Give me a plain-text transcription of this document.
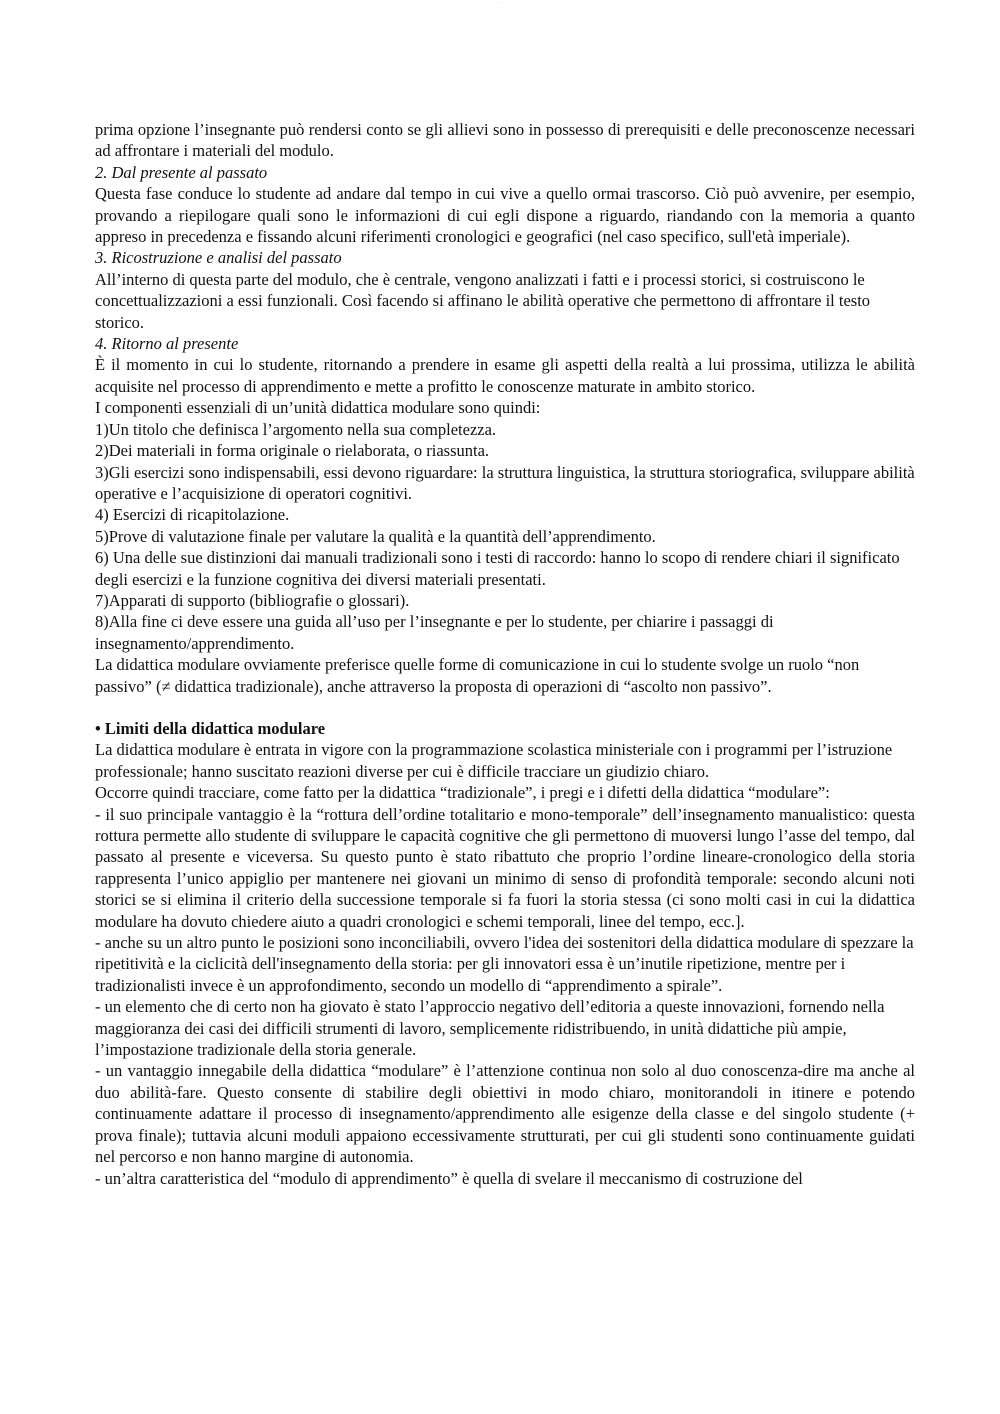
· · · · ·

prima opzione l’insegnante può rendersi conto se gli allievi sono in possesso di prerequisiti e delle preconoscenze necessari ad affrontare i materiali del modulo.

2. Dal presente al passato

Questa fase conduce lo studente ad andare dal tempo in cui vive a quello ormai trascorso. Ciò può avvenire, per esempio, provando a riepilogare quali sono le informazioni di cui egli dispone a riguardo, riandando con la memoria a quanto appreso in precedenza e fissando alcuni riferimenti cronologici e geografici (nel caso specifico, sull'età imperiale).

3. Ricostruzione e analisi del passato

All’interno di questa parte del modulo, che è centrale, vengono analizzati i fatti e i processi storici, si costruiscono le concettualizzazioni a essi funzionali. Così facendo si affinano le abilità operative che permettono di affrontare il testo storico.

4. Ritorno al presente

È il momento in cui lo studente, ritornando a prendere in esame gli aspetti della realtà a lui prossima, utilizza le abilità acquisite nel processo di apprendimento e mette a profitto le conoscenze maturate in ambito storico.

I componenti essenziali di un’unità didattica modulare sono quindi:

1)Un titolo che definisca l’argomento nella sua completezza.

2)Dei materiali in forma originale o rielaborata, o riassunta.

3)Gli esercizi sono indispensabili, essi devono riguardare: la struttura linguistica, la struttura storiografica, sviluppare abilità operative e l’acquisizione di operatori cognitivi.

4) Esercizi di ricapitolazione.

5)Prove di valutazione finale per valutare la qualità e la quantità dell’apprendimento.

6) Una delle sue distinzioni dai manuali tradizionali sono i testi di raccordo: hanno lo scopo di rendere chiari il significato degli esercizi e la funzione cognitiva dei diversi materiali presentati.

7)Apparati di supporto (bibliografie o glossari).

8)Alla fine ci deve essere una guida all’uso per l’insegnante e per lo studente, per chiarire i passaggi di insegnamento/apprendimento.

La didattica modulare ovviamente preferisce quelle forme di comunicazione in cui lo studente svolge un ruolo “non passivo” (≠ didattica tradizionale), anche attraverso la proposta di operazioni di “ascolto non passivo”.

• Limiti della didattica modulare

La didattica modulare è entrata in vigore con la programmazione scolastica ministeriale con i programmi per l’istruzione professionale; hanno suscitato reazioni diverse per cui è difficile tracciare un giudizio chiaro.

Occorre quindi tracciare, come fatto per la didattica “tradizionale”, i pregi e i difetti della didattica “modulare”:

- il suo principale vantaggio è la “rottura dell’ordine totalitario e mono-temporale” dell’insegnamento manualistico: questa rottura permette allo studente di sviluppare le capacità cognitive che gli permettono di muoversi lungo l’asse del tempo, dal passato al presente e viceversa. Su questo punto è stato ribattuto che proprio l’ordine lineare-cronologico della storia rappresenta l’unico appiglio per mantenere nei giovani un minimo di senso di profondità temporale: secondo alcuni noti storici se si elimina il criterio della successione temporale si fa fuori la storia stessa (ci sono molti casi in cui la didattica modulare ha dovuto chiedere aiuto a quadri cronologici e schemi temporali, linee del tempo, ecc.].

- anche su un altro punto le posizioni sono inconciliabili, ovvero l'idea dei sostenitori della didattica modulare di spezzare la ripetitività e la ciclicità dell'insegnamento della storia: per gli innovatori essa è un’inutile ripetizione, mentre per i tradizionalisti invece è un approfondimento, secondo un modello di “apprendimento a spirale”.

- un elemento che di certo non ha giovato è stato l’approccio negativo dell’editoria a queste innovazioni, fornendo nella maggioranza dei casi dei difficili strumenti di lavoro, semplicemente ridistribuendo, in unità didattiche più ampie, l’impostazione tradizionale della storia generale.

- un vantaggio innegabile della didattica “modulare” è l’attenzione continua non solo al duo conoscenza-dire ma anche al duo abilità-fare. Questo consente di stabilire degli obiettivi in modo chiaro, monitorandoli in itinere e potendo continuamente adattare il processo di insegnamento/apprendimento alle esigenze della classe e del singolo studente (+ prova finale); tuttavia alcuni moduli appaiono eccessivamente strutturati, per cui gli studenti sono continuamente guidati nel percorso e non hanno margine di autonomia.

- un’altra caratteristica del “modulo di apprendimento” è quella di svelare il meccanismo di costruzione del
